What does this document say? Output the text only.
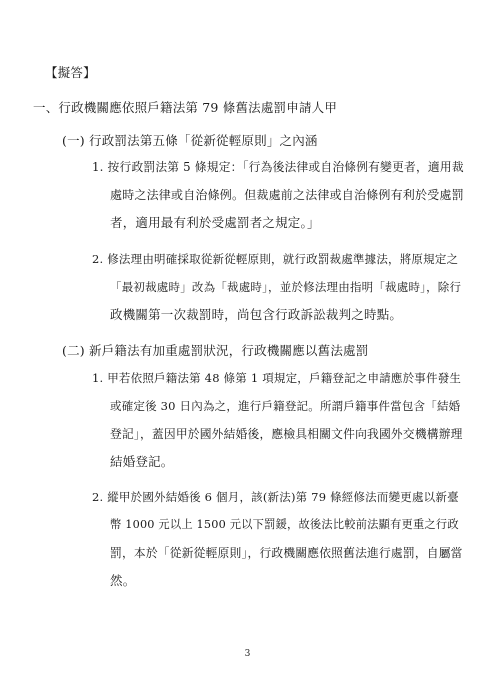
【擬答】
一、行政機關應依照戶籍法第 79 條舊法處罰申請人甲
(一) 行政罰法第五條「從新從輕原則」之內涵
1. 按行政罰法第 5 條規定：「行為後法律或自治條例有變更者，適用裁
處時之法律或自治條例。但裁處前之法律或自治條例有利於受處罰
者，適用最有利於受處罰者之規定。」
2. 修法理由明確採取從新從輕原則，就行政罰裁處準據法，將原規定之
「最初裁處時」改為「裁處時」，並於修法理由指明「裁處時」，除行
政機關第一次裁罰時，尚包含行政訴訟裁判之時點。
(二) 新戶籍法有加重處罰狀況，行政機關應以舊法處罰
1. 甲若依照戶籍法第 48 條第 1 項規定，戶籍登記之申請應於事件發生
或確定後 30 日內為之，進行戶籍登記。所謂戶籍事件當包含「結婚
登記」，蓋因甲於國外結婚後，應檢具相關文件向我國外交機構辦理
結婚登記。
2. 縱甲於國外結婚後 6 個月，該(新法)第 79 條經修法而變更處以新臺
幣 1000 元以上 1500 元以下罰鍰，故後法比較前法顯有更重之行政
罰，本於「從新從輕原則」，行政機關應依照舊法進行處罰，自屬當
然。
3
